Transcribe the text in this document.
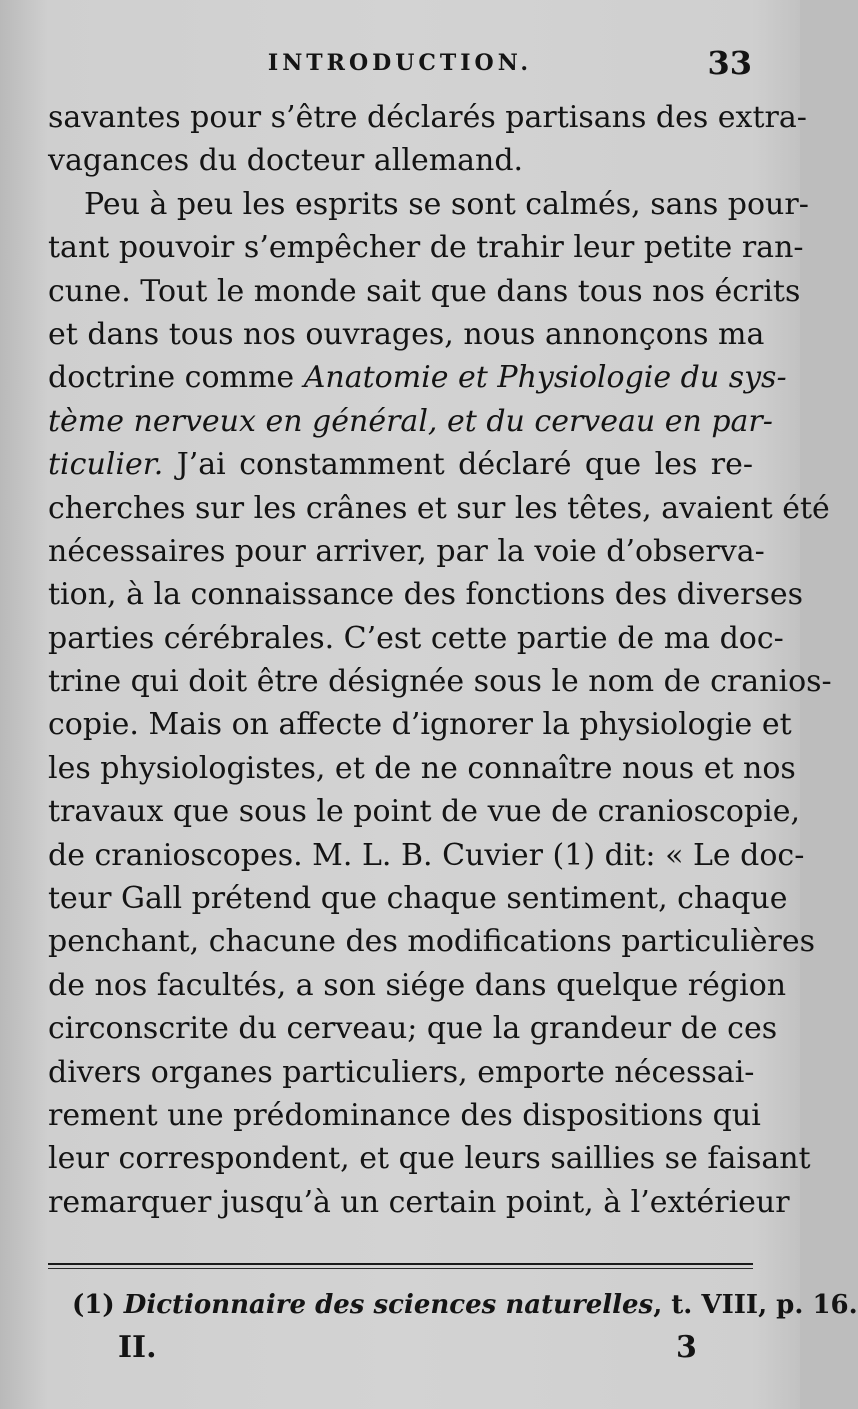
INTRODUCTION.	33
savantes pour s’être déclarés partisans des extra-
vagances du docteur allemand.
Peu à peu les esprits se sont calmés, sans pour-
tant pouvoir s’empêcher de trahir leur petite ran-
cune. Tout le monde sait que dans tous nos écrits
et dans tous nos ouvrages, nous annonçons ma
doctrine comme Anatomie et Physiologie du sys-
tème nerveux en général, et du cerveau en par-
ticulier. J’ai constamment déclaré que les re-
cherches sur les crânes et sur les têtes, avaient été
nécessaires pour arriver, par la voie d’observa-
tion, à la connaissance des fonctions des diverses
parties cérébrales. C’est cette partie de ma doc-
trine qui doit être désignée sous le nom de cranios-
copie. Mais on affecte d’ignorer la physiologie et
les physiologistes, et de ne connaître nous et nos
travaux que sous le point de vue de cranioscopie,
de cranioscopes. M. L. B. Cuvier (1) dit: « Le doc-
teur Gall prétend que chaque sentiment, chaque
penchant, chacune des modifications particulières
de nos facultés, a son siége dans quelque région
circonscrite du cerveau; que la grandeur de ces
divers organes particuliers, emporte nécessai-
rement une prédominance des dispositions qui
leur correspondent, et que leurs saillies se faisant
remarquer jusqu’à un certain point, à l’extérieur
(1) Dictionnaire des sciences naturelles, t. VIII, p. 16.
II.	3
